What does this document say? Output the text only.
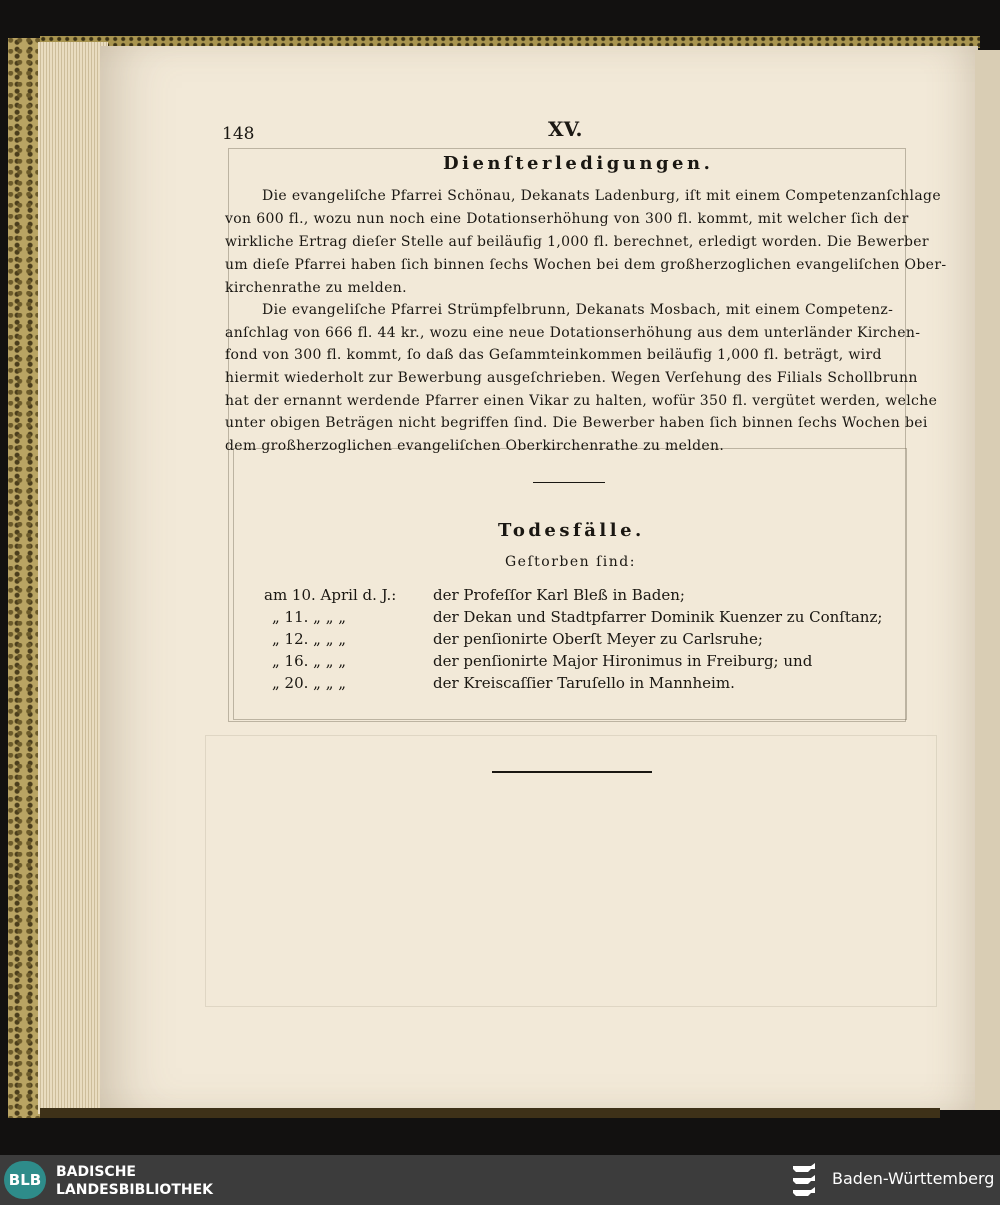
148	XV.
Dienſterledigungen.
Die evangeliſche Pfarrei Schönau, Dekanats Ladenburg, iſt mit einem Competenzanſchlage
von 600 fl., wozu nun noch eine Dotationserhöhung von 300 fl. kommt, mit welcher ſich der
wirkliche Ertrag dieſer Stelle auf beiläufig 1,000 fl. berechnet, erledigt worden. Die Bewerber
um dieſe Pfarrei haben ſich binnen ſechs Wochen bei dem großherzoglichen evangeliſchen Ober-
kirchenrathe zu melden.
Die evangeliſche Pfarrei Strümpfelbrunn, Dekanats Mosbach, mit einem Competenz-
anſchlag von 666 fl. 44 kr., wozu eine neue Dotationserhöhung aus dem unterländer Kirchen-
fond von 300 fl. kommt, ſo daß das Geſammteinkommen beiläufig 1,000 fl. beträgt, wird
hiermit wiederholt zur Bewerbung ausgeſchrieben. Wegen Verſehung des Filials Schollbrunn
hat der ernannt werdende Pfarrer einen Vikar zu halten, wofür 350 fl. vergütet werden, welche
unter obigen Beträgen nicht begriffen ſind. Die Bewerber haben ſich binnen ſechs Wochen bei
dem großherzoglichen evangeliſchen Oberkirchenrathe zu melden.
Todesfälle.
Geſtorben ſind:
am 10. April d. J.: der Profeſſor Karl Bleß in Baden;
„ 11. „ „ „	der Dekan und Stadtpfarrer Dominik Kuenzer zu Conſtanz;
„ 12. „ „ „	der penſionirte Oberſt Meyer zu Carlsruhe;
„ 16. „ „ „	der penſionirte Major Hironimus in Freiburg; und
„ 20. „ „ „	der Kreiscaſſier Taruſello in Mannheim.
BLB	BADISCHE
LANDESBIBLIOTHEK
Baden-Württemberg
